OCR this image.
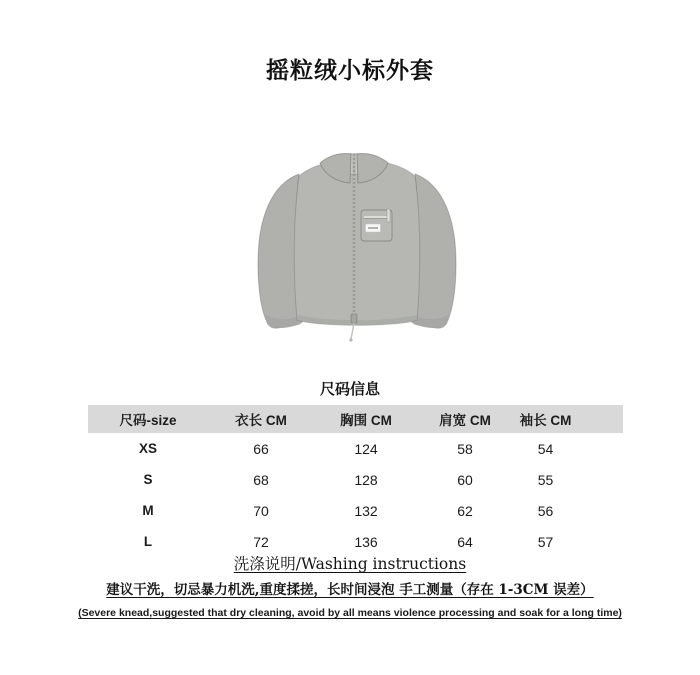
摇粒绒小标外套
尺码信息
尺码-size	衣长 CM	胸围 CM	肩宽 CM	袖长 CM
XS	66	124	58	54
S	68	128	60	55
M	70	132	62	56
L	72	136	64	57
洗涤说明/Washing instructions
建议干洗，切忌暴力机洗,重度揉搓，长时间浸泡 手工测量（存在 1-3CM 误差）
(Severe knead,suggested that dry cleaning, avoid by all means violence processing and soak for a long time)
